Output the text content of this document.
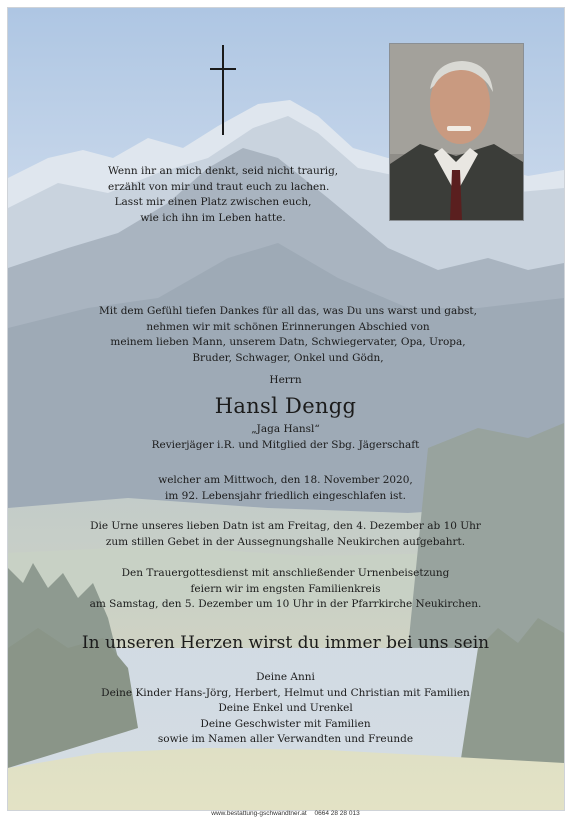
Wenn ihr an mich denkt, seid nicht traurig,
erzählt von mir und traut euch zu lachen.
Lasst mir einen Platz zwischen euch,
wie ich ihn im Leben hatte.
Mit dem Gefühl tiefen Dankes für all das, was Du uns warst und gabst,
nehmen wir mit schönen Erinnerungen Abschied von
meinem lieben Mann, unserem Datn, Schwiegervater, Opa, Uropa,
Bruder, Schwager, Onkel und Gödn,
Herrn
Hansl Dengg
„Jaga Hansl“
Revierjäger i.R. und Mitglied der Sbg. Jägerschaft
welcher am Mittwoch, den 18. November 2020,
im 92. Lebensjahr friedlich eingeschlafen ist.
Die Urne unseres lieben Datn ist am Freitag, den 4. Dezember ab 10 Uhr
zum stillen Gebet in der Aussegnungshalle Neukirchen aufgebahrt.
Den Trauergottesdienst mit anschließender Urnenbeisetzung
feiern wir im engsten Familienkreis
am Samstag, den 5. Dezember um 10 Uhr in der Pfarrkirche Neukirchen.
In unseren Herzen wirst du immer bei uns sein
Deine Anni
Deine Kinder Hans-Jörg, Herbert, Helmut und Christian mit Familien
Deine Enkel und Urenkel
Deine Geschwister mit Familien
sowie im Namen aller Verwandten und Freunde
www.bestattung-gschwandtner.at 0664 28 28 013
